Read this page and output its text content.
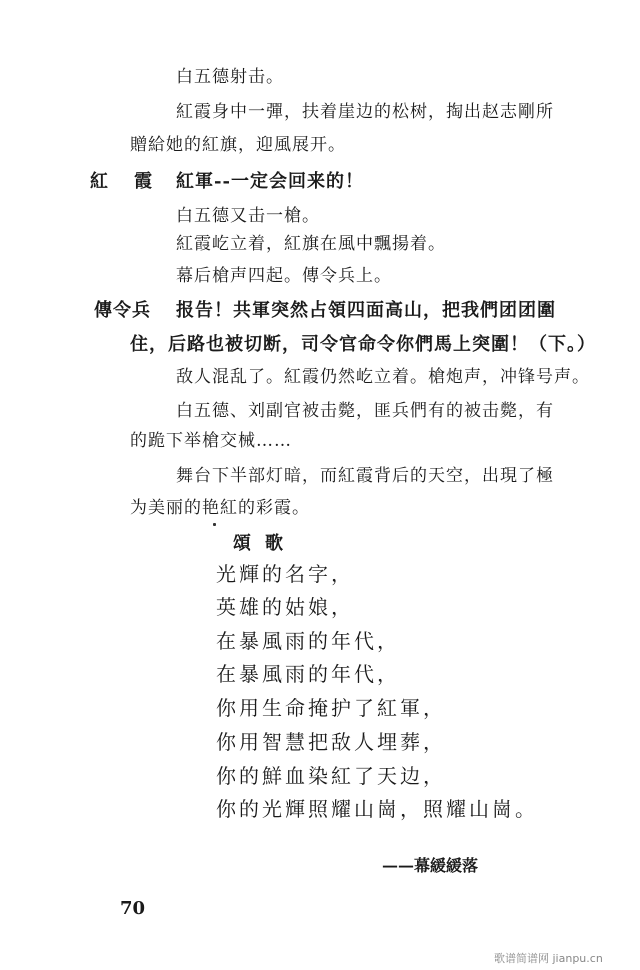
白五德射击。
紅霞身中一彈，扶着崖边的松树，掏出赵志剛所
贈給她的紅旗，迎風展开。
紅　霞 紅軍--一定会回来的！
白五德又击一槍。
紅霞屹立着，紅旗在風中飄揚着。
幕后槍声四起。傳令兵上。
傳令兵 报告！共軍突然占領四面高山，把我們团团圍
住，后路也被切断，司令官命令你們馬上突圍！（下。）
敌人混乱了。紅霞仍然屹立着。槍炮声，冲锋号声。
白五德、刘副官被击斃，匪兵們有的被击斃，有
的跪下举槍交械……
舞台下半部灯暗，而紅霞背后的天空，出現了極
为美丽的艳紅的彩霞。
頌歌
光輝的名字，
英雄的姑娘，
在暴風雨的年代，
在暴風雨的年代，
你用生命掩护了紅軍，
你用智慧把敌人埋葬，
你的鮮血染紅了天边，
你的光輝照耀山崗，照耀山崗。
——幕緩緩落
70
歌谱简谱网 jianpu.cn
